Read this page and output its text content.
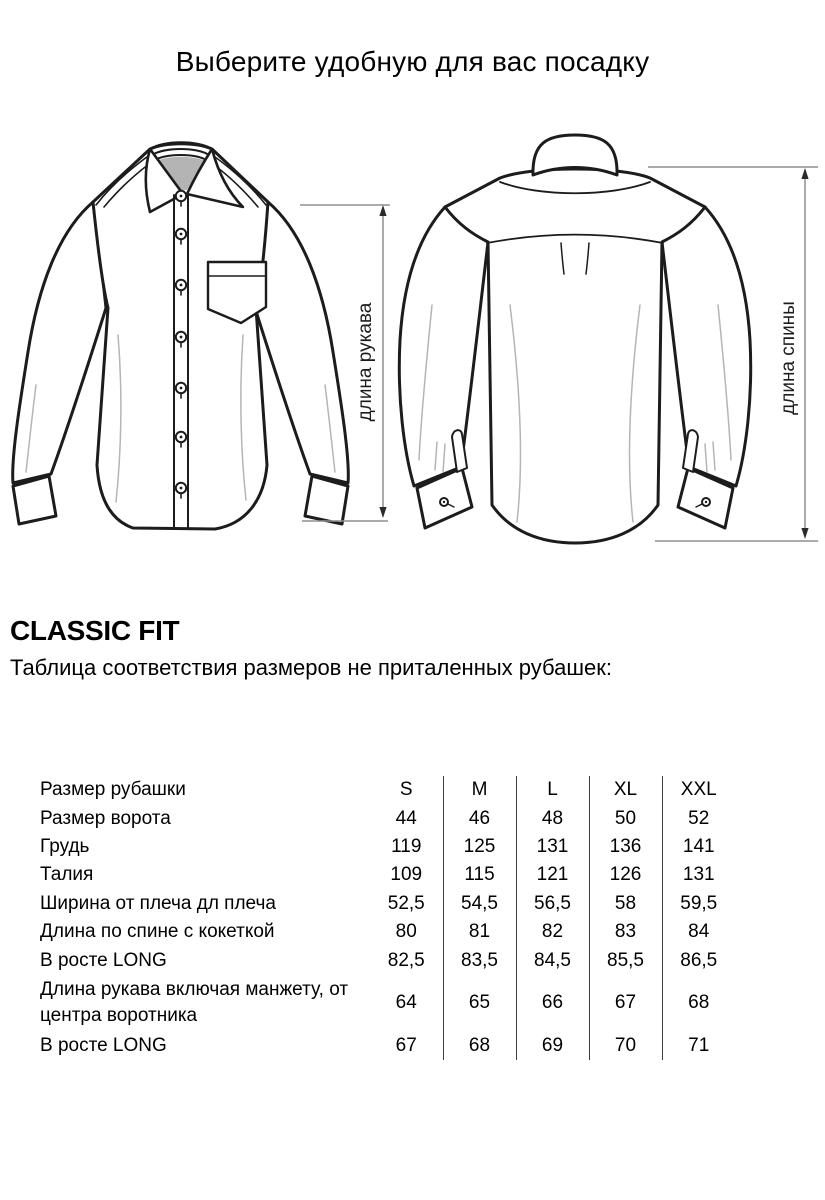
Выберите удобную для вас посадку
длина рукава	длина спины
CLASSIC FIT
Таблица соответствия размеров не приталенных рубашек:
Размер рубашки	S	M	L	XL	XXL
Размер ворота	44	46	48	50	52
Грудь	119	125	131	136	141
Талия	109	115	121	126	131
Ширина от плеча дл плеча	52,5	54,5	56,5	58	59,5
Длина по спине с кокеткой	80	81	82	83	84
В росте LONG	82,5	83,5	84,5	85,5	86,5
Длина рукава включая манжету, от центра воротника	64	65	66	67	68
В росте LONG	67	68	69	70	71
